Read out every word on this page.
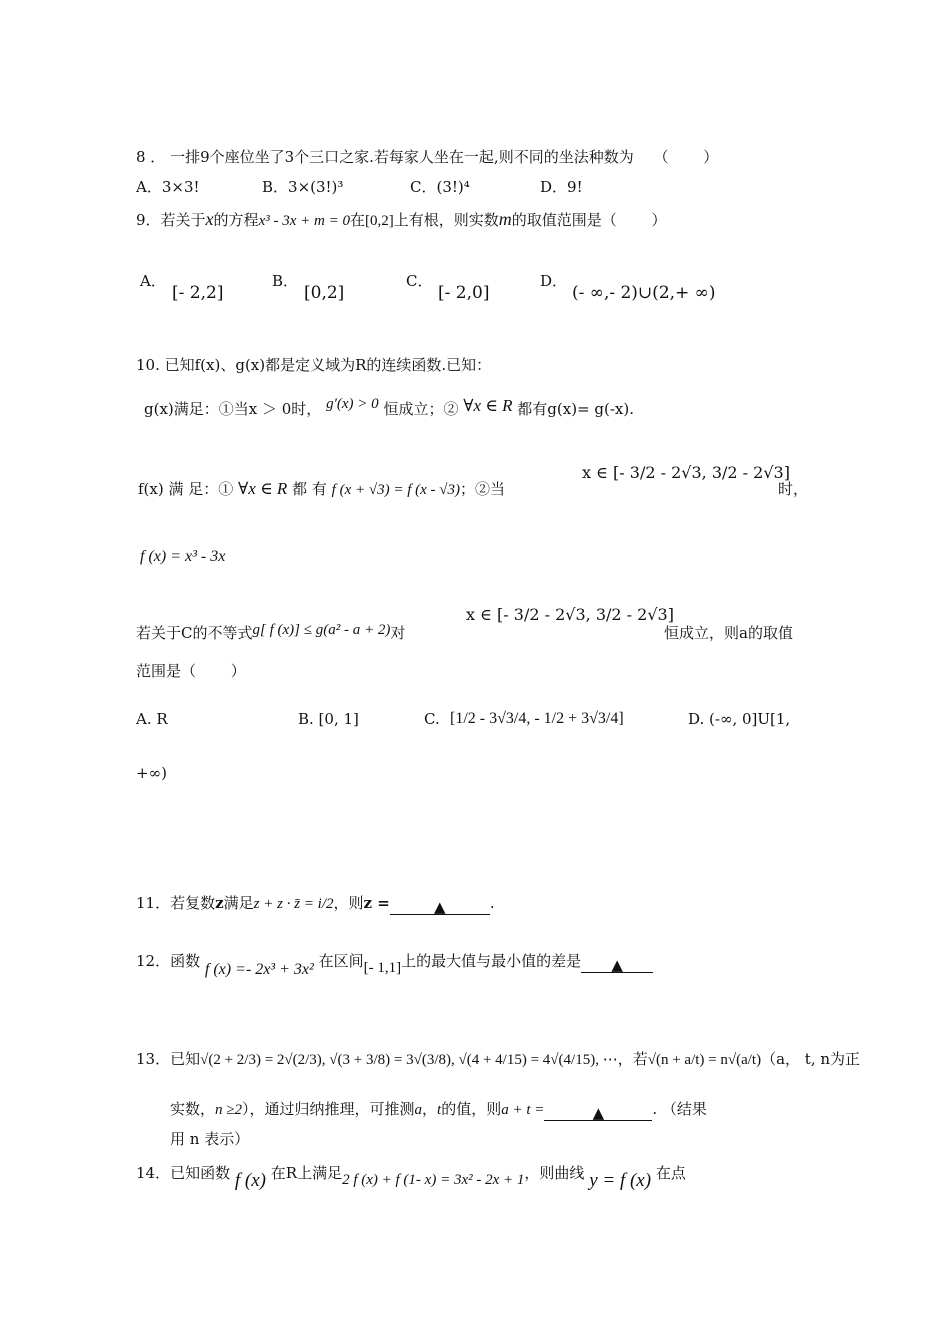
8 ． 一排9个座位坐了3个三口之家.若每家人坐在一起,则不同的坐法种数为　 （　　 ）
A．3×3!	B．3×(3!)³	C．(3!)⁴	D．9!
9．若关于x的方程x³ - 3x + m = 0在[0,2]上有根，则实数m的取值范围是（　　 ）
A．
[- 2,2]
B．
[0,2]
C．
[- 2,0]
D．
(- ∞,- 2)∪(2,+ ∞)
10. 已知f(x)、g(x)都是定义域为R的连续函数.已知：
g(x)满足：①当x ＞ 0时， g′(x) > 0 恒成立；② ∀x ∈ R 都有g(x)= g(-x).
f(x) 满 足：① ∀x ∈ R 都 有 f (x + √3) = f (x - √3)；②当
x ∈ [- 3/2 - 2√3, 3/2 - 2√3]
时，
f (x) = x³ - 3x
若关于C的不等式g[ f (x)] ≤ g(a² - a + 2)对
x ∈ [- 3/2 - 2√3, 3/2 - 2√3]
恒成立，则a的取值
范围是（　　 ）
A. R	B. [0, 1]	C. [1/2 - 3√3/4, - 1/2 + 3√3/4]	D. (-∞, 0]U[1,
+∞)
11．若复数z满足z + z · z̄ = i/2，则z =	▲	.
12．函数 f (x) =- 2x³ + 3x² 在区间[- 1,1]上的最大值与最小值的差是 ▲
13．已知√(2 + 2/3) = 2√(2/3), √(3 + 3/8) = 3√(3/8), √(4 + 4/15) = 4√(4/15), ⋯，若√(n + a/t) = n√(a/t)（a， t, n为正
实数，n ≥2），通过归纳推理，可推测a，t的值，则a + t =	▲	. （结果
用 n 表示）
14．已知函数 f (x) 在R上满足2 f (x) + f (1- x) = 3x² - 2x + 1，则曲线 y = f (x) 在点
